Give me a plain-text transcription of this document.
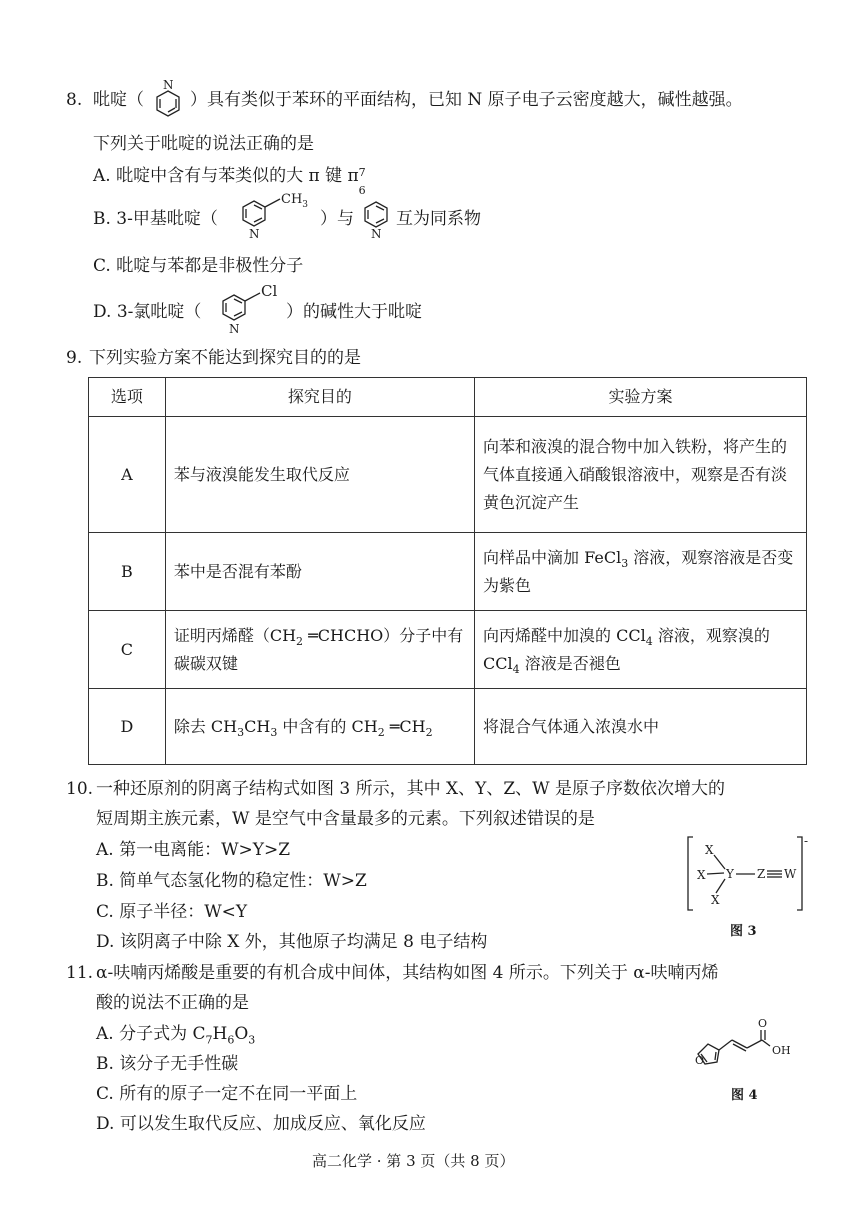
8. 吡啶（
N
）具有类似于苯环的平面结构，已知 N 原子电子云密度越大，碱性越强。
下列关于吡啶的说法正确的是
A. 吡啶中含有与苯类似的大 π 键 π 7
6
B. 3-甲基吡啶（
N
$CH_3$
）与
N
互为同系物
C. 吡啶与苯都是非极性分子
D. 3-氯吡啶（
N
Cl
）的碱性大于吡啶
9. 下列实验方案不能达到探究目的的是
选项	探究目的	实验方案
A	苯与液溴能发生取代反应	向苯和液溴的混合物中加入铁粉，将产生的气体直接通入硝酸银溶液中，观察是否有淡黄色沉淀产生
B	苯中是否混有苯酚	向样品中滴加 FeCl$_3$ 溶液，观察溶液是否变为紫色
C	证明丙烯醛（$CH_2$ ═CHCHO）分子中有碳碳双键	向丙烯醛中加溴的 CCl$_4$ 溶液，观察溴的 CCl$_4$ 溶液是否褪色
D	除去 $CH_3CH_3$ 中含有的 $CH_2$ $═CH_2$	将混合气体通入浓溴水中
10. 一种还原剂的阴离子结构式如图 3 所示，其中 X、Y、Z、W 是原子序数依次增大的
短周期主族元素，W 是空气中含量最多的元素。下列叙述错误的是
A. 第一电离能：W>Y>Z
B. 简单气态氢化物的稳定性：W>Z
C. 原子半径：W<Y
D. 该阴离子中除 X 外，其他原子均满足 8 电子结构
-
X
X
X
Y Z W
图 3
11. α-呋喃丙烯酸是重要的有机合成中间体，其结构如图 4 所示。下列关于 α-呋喃丙烯
酸的说法不正确的是
A. 分子式为 $C_7H_6O_3$
B. 该分子无手性碳
C. 所有的原子一定不在同一平面上
D. 可以发生取代反应、加成反应、氧化反应
O
O
OH
图 4
高二化学 · 第 3 页（共 8 页）
